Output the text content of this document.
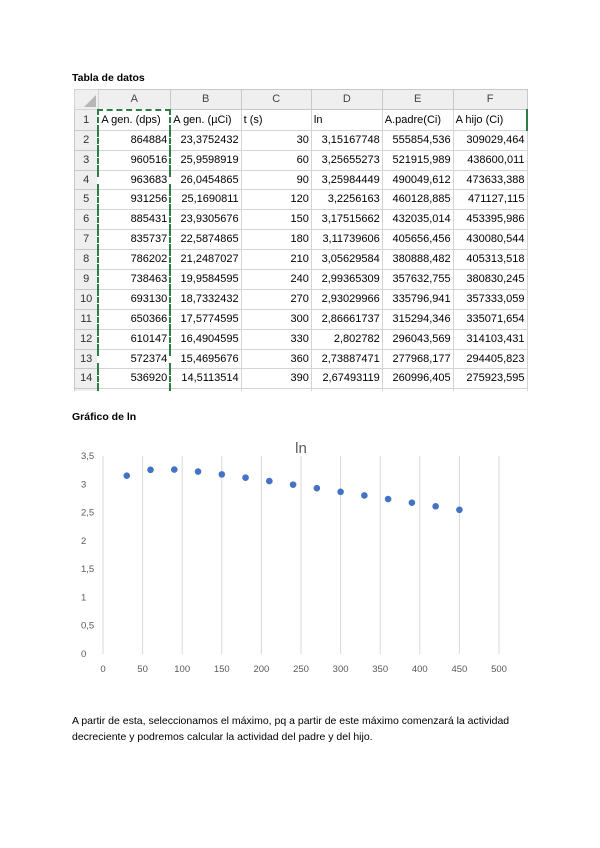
Tabla de datos
	A	B	C	D	E	F
1	A gen. (dps)	A gen. (µCi)	t (s)	ln	A.padre(Ci)	A hijo (Ci)
2	864884	23,3752432	30	3,15167748	555854,536	309029,464
3	960516	25,9598919	60	3,25655273	521915,989	438600,011
4	963683	26,0454865	90	3,25984449	490049,612	473633,388
5	931256	25,1690811	120	3,2256163	460128,885	471127,115
6	885431	23,9305676	150	3,17515662	432035,014	453395,986
7	835737	22,5874865	180	3,11739606	405656,456	430080,544
8	786202	21,2487027	210	3,05629584	380888,482	405313,518
9	738463	19,9584595	240	2,99365309	357632,755	380830,245
10	693130	18,7332432	270	2,93029966	335796,941	357333,059
11	650366	17,5774595	300	2,86661737	315294,346	335071,654
12	610147	16,4904595	330	2,802782	296043,569	314103,431
13	572374	15,4695676	360	2,73887471	277968,177	294405,823
14	536920	14,5113514	390	2,67493119	260996,405	275923,595

Gráfico de ln
ln
0	50	100 150 200 250 300 350 400 450 500
0
0,5
1
1,5
2
2,5
3
3,5
A partir de esta, seleccionamos el máximo, pq a partir de este máximo comenzará la actividad decreciente y podremos calcular la actividad del padre y del hijo.
